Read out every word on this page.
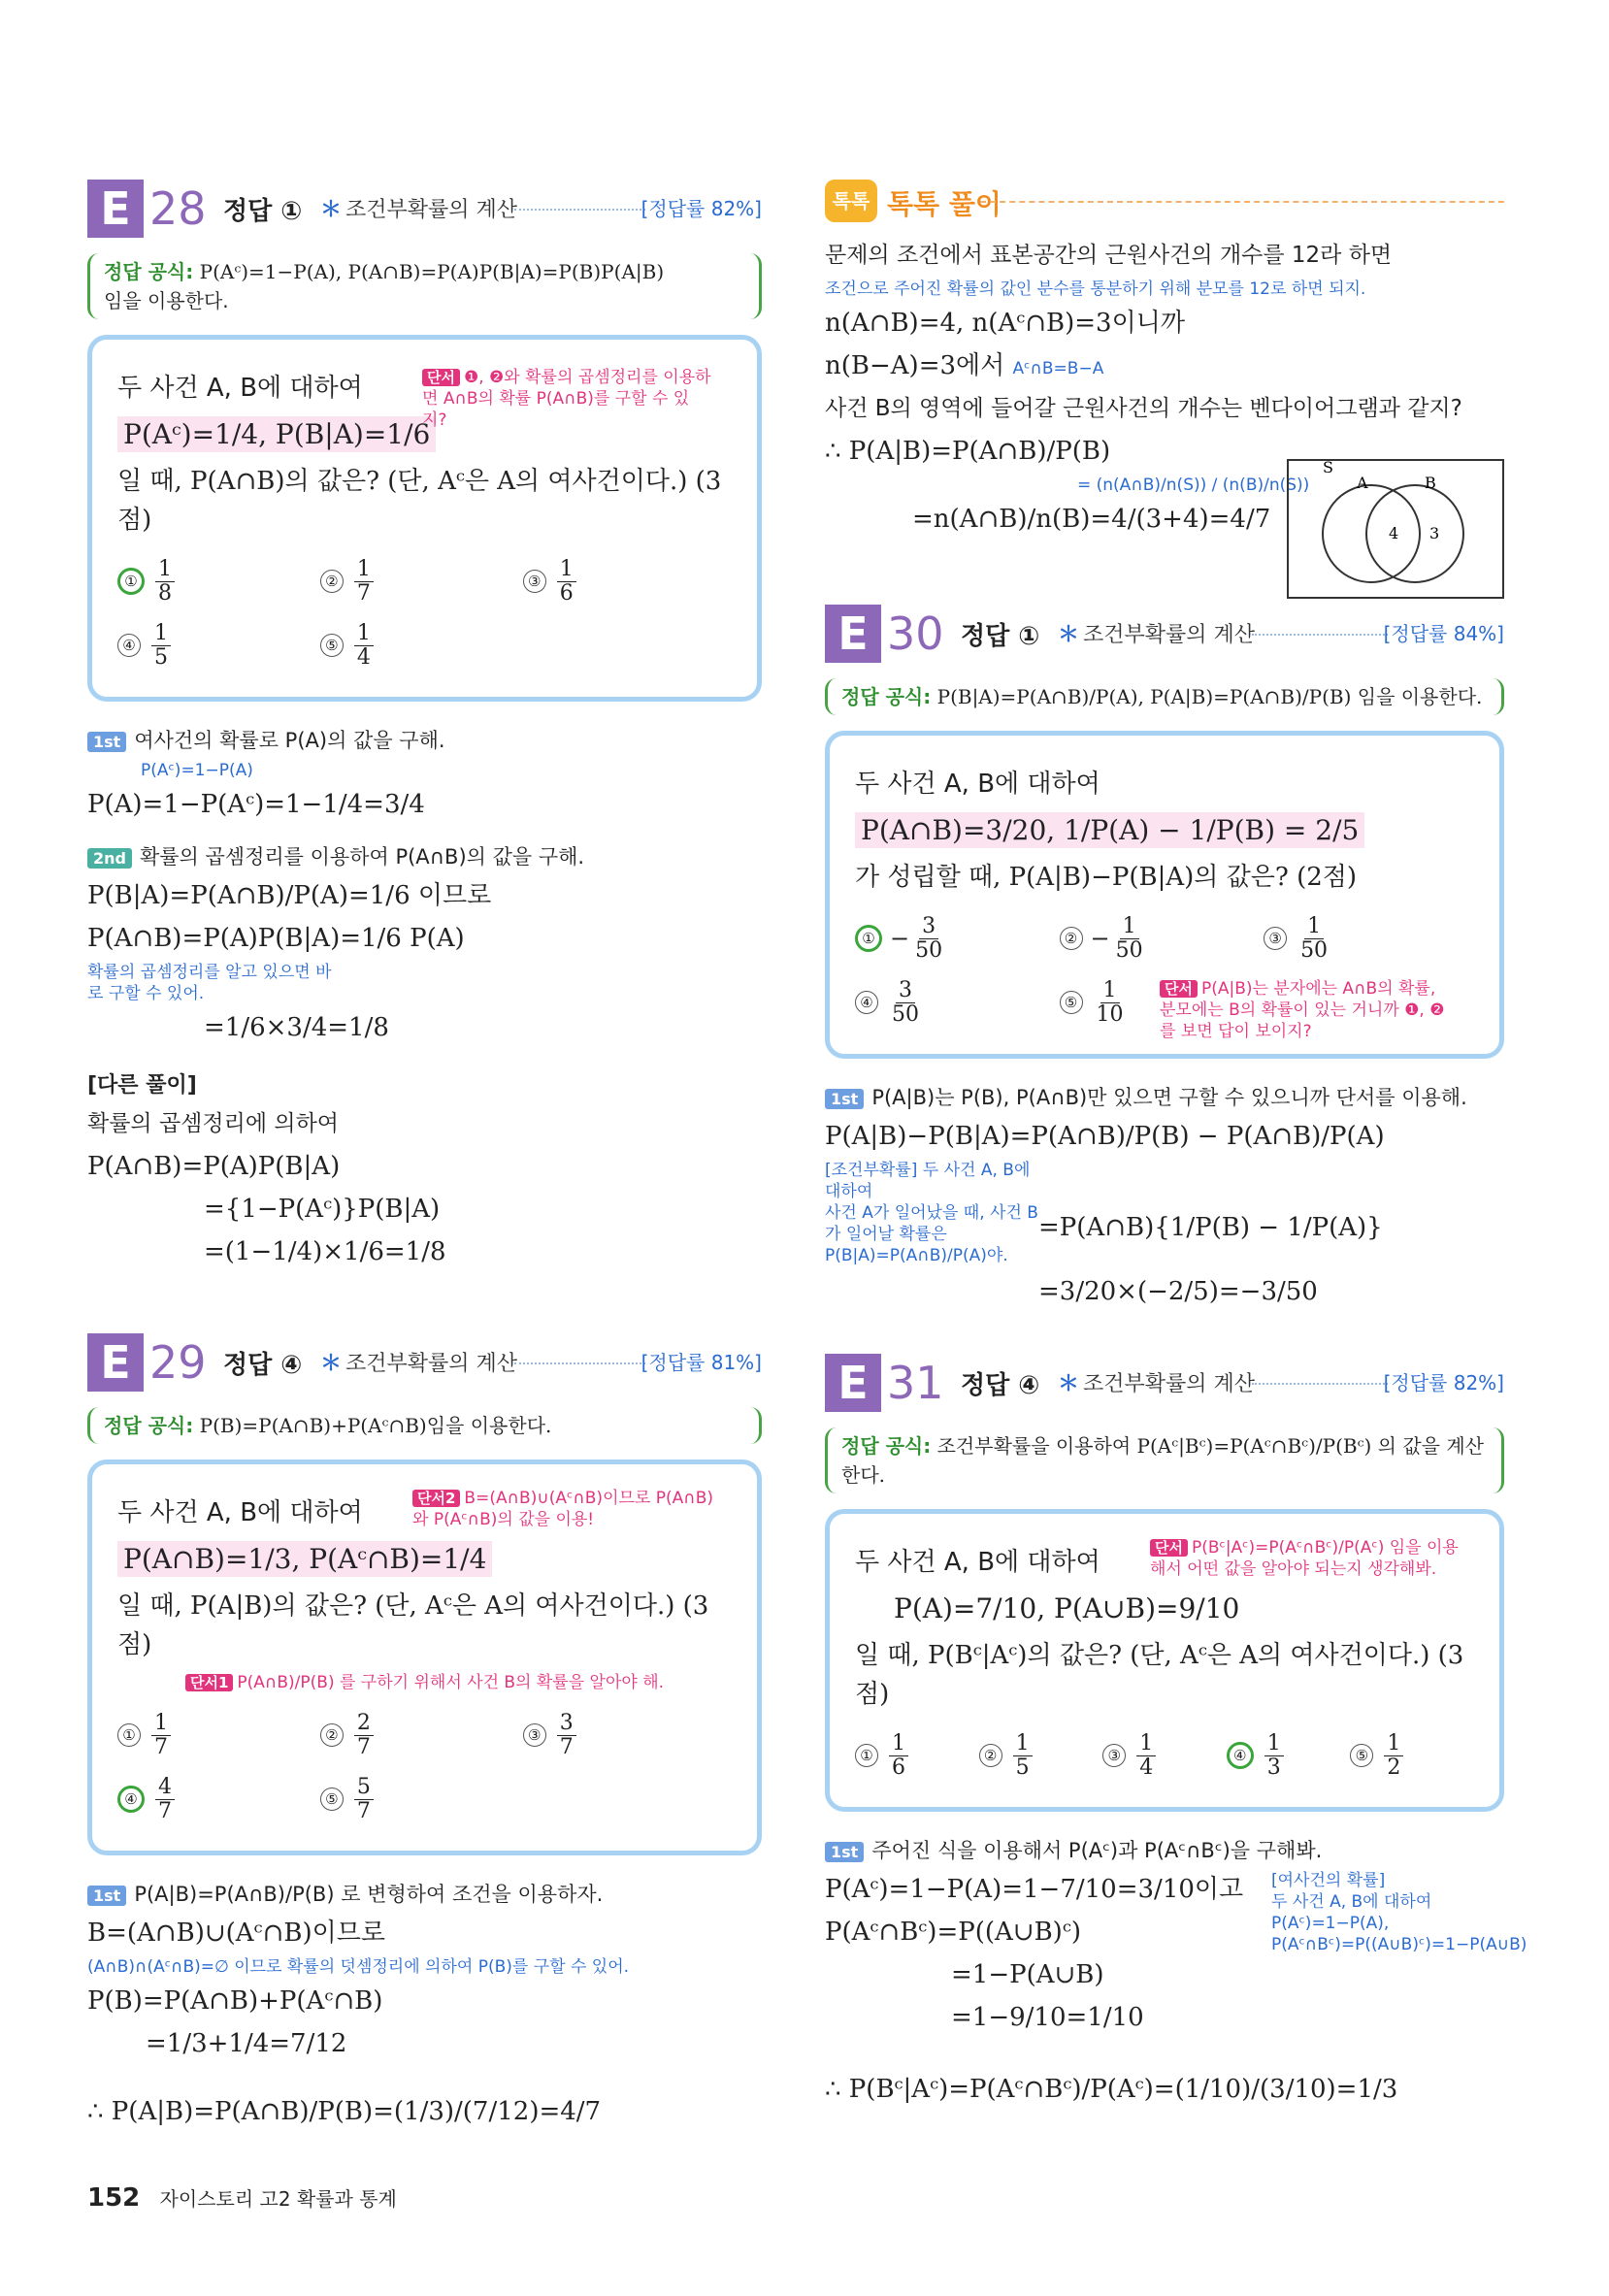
E 28 정답 ① ＊ 조건부확률의 계산	[정답률 82%]
정답 공식: P(Aᶜ)=1−P(A), P(A∩B)=P(A)P(B|A)=P(B)P(A|B)
임을 이용한다.
두 사건 A, B에 대하여
P(Aᶜ)=1/4, P(B|A)=1/6
단서 ❶, ❷와 확률의 곱셈정리를 이용하면 A∩B의 확률 P(A∩B)를 구할 수 있지?
일 때, P(A∩B)의 값은? (단, Aᶜ은 A의 여사건이다.) (3점)
① $\frac{1}{8}$	② $\frac{1}{7}$	③ $\frac{1}{6}$
④ $\frac{1}{5}$	⑤ $\frac{1}{4}$
1st 여사건의 확률로 P(A)의 값을 구해.
P(Aᶜ)=1−P(A)
P(A)=1−P(Aᶜ)=1−1/4=3/4
2nd 확률의 곱셈정리를 이용하여 P(A∩B)의 값을 구해.
P(B|A)=P(A∩B)/P(A)=1/6 이므로
P(A∩B)=P(A)P(B|A)=1/6 P(A)
확률의 곱셈정리를 알고 있으면 바로 구할 수 있어.
=1/6×3/4=1/8
[다른 풀이]
확률의 곱셈정리에 의하여
P(A∩B)=P(A)P(B|A)
={1−P(Aᶜ)}P(B|A)
=(1−1/4)×1/6=1/8
E 29 정답 ④ ＊ 조건부확률의 계산	[정답률 81%]
정답 공식: P(B)=P(A∩B)+P(Aᶜ∩B)임을 이용한다.
두 사건 A, B에 대하여	단서2 B=(A∩B)∪(Aᶜ∩B)이므로 P(A∩B)와 P(Aᶜ∩B)의 값을 이용!
P(A∩B)=1/3, P(Aᶜ∩B)=1/4
일 때, P(A|B)의 값은? (단, Aᶜ은 A의 여사건이다.) (3점)
단서1 P(A∩B)/P(B) 를 구하기 위해서 사건 B의 확률을 알아야 해.
① $\frac{1}{7}$	② $\frac{2}{7}$	③ $\frac{3}{7}$
④ $\frac{4}{7}$	⑤ $\frac{5}{7}$
1st P(A|B)=P(A∩B)/P(B) 로 변형하여 조건을 이용하자.
B=(A∩B)∪(Aᶜ∩B)이므로
(A∩B)∩(Aᶜ∩B)=∅ 이므로 확률의 덧셈정리에 의하여 P(B)를 구할 수 있어.
P(B)=P(A∩B)+P(Aᶜ∩B)
=1/3+1/4=7/12
∴ P(A|B)=P(A∩B)/P(B)=(1/3)/(7/12)=4/7
톡톡 톡톡 풀이
문제의 조건에서 표본공간의 근원사건의 개수를 12라 하면
조건으로 주어진 확률의 값인 분수를 통분하기 위해 분모를 12로 하면 되지.
n(A∩B)=4, n(Aᶜ∩B)=3이니까
n(B−A)=3에서 Aᶜ∩B=B−A
사건 B의 영역에 들어갈 근원사건의 개수는 벤다이어그램과 같지?
∴ P(A|B)=P(A∩B)/P(B)
= (n(A∩B)/n(S)) / (n(B)/n(S))
=n(A∩B)/n(B)=4/(3+4)=4/7
S
A	B
4 3
E 30 정답 ① ＊ 조건부확률의 계산	[정답률 84%]
정답 공식: P(B|A)=P(A∩B)/P(A), P(A|B)=P(A∩B)/P(B) 임을 이용한다.
두 사건 A, B에 대하여
P(A∩B)=3/20, 1/P(A) − 1/P(B) = 2/5
가 성립할 때, P(A|B)−P(B|A)의 값은? (2점)
① − $\frac{3}{50}$	② − $\frac{1}{50}$	③ $\frac{1}{50}$
④ $\frac{3}{50}$	⑤ $\frac{1}{10}$	단서 P(A|B)는 분자에는 A∩B의 확률, 분모에는 B의 확률이 있는 거니까 ❶, ❷를 보면 답이 보이지?
1st P(A|B)는 P(B), P(A∩B)만 있으면 구할 수 있으니까 단서를 이용해.
P(A|B)−P(B|A)=P(A∩B)/P(B) − P(A∩B)/P(A)
[조건부확률] 두 사건 A, B에 대하여
사건 A가 일어났을 때, 사건 B가 일어날 확률은 P(B|A)=P(A∩B)/P(A)야.
=P(A∩B){1/P(B) − 1/P(A)}
=3/20×(−2/5)=−3/50
E 31 정답 ④ ＊ 조건부확률의 계산	[정답률 82%]
정답 공식: 조건부확률을 이용하여 P(Aᶜ|Bᶜ)=P(Aᶜ∩Bᶜ)/P(Bᶜ) 의 값을 계산한다.
두 사건 A, B에 대하여	단서 P(Bᶜ|Aᶜ)=P(Aᶜ∩Bᶜ)/P(Aᶜ) 임을 이용해서 어떤 값을 알아야 되는지 생각해봐.
P(A)=7/10, P(A∪B)=9/10
일 때, P(Bᶜ|Aᶜ)의 값은? (단, Aᶜ은 A의 여사건이다.) (3점)
① $\frac{1}{6}$	② $\frac{1}{5}$	③ $\frac{1}{4}$	④ $\frac{1}{3}$	⑤ $\frac{1}{2}$
1st 주어진 식을 이용해서 P(Aᶜ)과 P(Aᶜ∩Bᶜ)을 구해봐.
P(Aᶜ)=1−P(A)=1−7/10=3/10이고
P(Aᶜ∩Bᶜ)=P((A∪B)ᶜ)
=1−P(A∪B)
=1−9/10=1/10
[여사건의 확률]
두 사건 A, B에 대하여 P(Aᶜ)=1−P(A), P(Aᶜ∩Bᶜ)=P((A∪B)ᶜ)=1−P(A∪B)
∴ P(Bᶜ|Aᶜ)=P(Aᶜ∩Bᶜ)/P(Aᶜ)=(1/10)/(3/10)=1/3
152 자이스토리 고2 확률과 통계
